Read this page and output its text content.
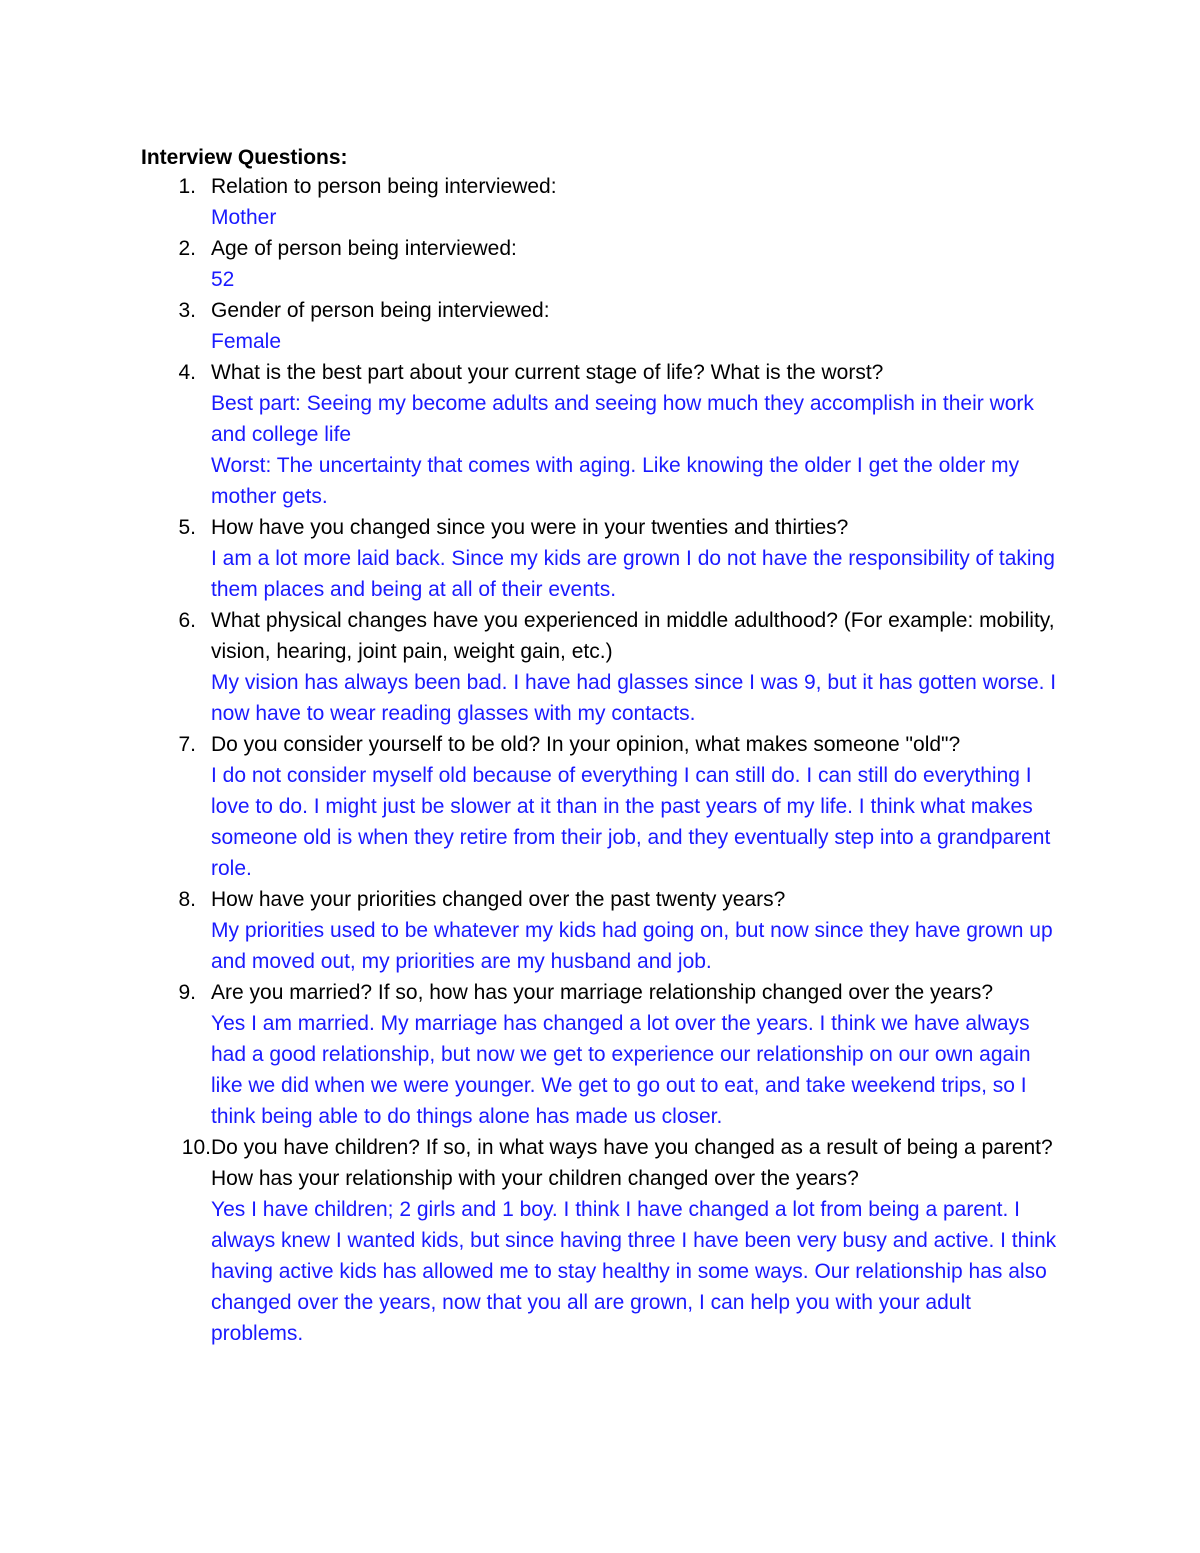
Interview Questions:
1. Relation to person being interviewed:
Mother
2. Age of person being interviewed:
52
3. Gender of person being interviewed:
Female
4. What is the best part about your current stage of life? What is the worst?
Best part: Seeing my become adults and seeing how much they accomplish in their work and college life
Worst: The uncertainty that comes with aging. Like knowing the older I get the older my mother gets.
5. How have you changed since you were in your twenties and thirties?
I am a lot more laid back. Since my kids are grown I do not have the responsibility of taking them places and being at all of their events.
6. What physical changes have you experienced in middle adulthood? (For example: mobility, vision, hearing, joint pain, weight gain, etc.)
My vision has always been bad. I have had glasses since I was 9, but it has gotten worse. I now have to wear reading glasses with my contacts.
7. Do you consider yourself to be old? In your opinion, what makes someone "old"?
I do not consider myself old because of everything I can still do. I can still do everything I love to do. I might just be slower at it than in the past years of my life. I think what makes someone old is when they retire from their job, and they eventually step into a grandparent role.
8. How have your priorities changed over the past twenty years?
My priorities used to be whatever my kids had going on, but now since they have grown up and moved out, my priorities are my husband and job.
9. Are you married? If so, how has your marriage relationship changed over the years?
Yes I am married. My marriage has changed a lot over the years. I think we have always had a good relationship, but now we get to experience our relationship on our own again like we did when we were younger. We get to go out to eat, and take weekend trips, so I think being able to do things alone has made us closer.
10. Do you have children? If so, in what ways have you changed as a result of being a parent? How has your relationship with your children changed over the years?
Yes I have children; 2 girls and 1 boy. I think I have changed a lot from being a parent. I always knew I wanted kids, but since having three I have been very busy and active. I think having active kids has allowed me to stay healthy in some ways. Our relationship has also changed over the years, now that you all are grown, I can help you with your adult problems.
